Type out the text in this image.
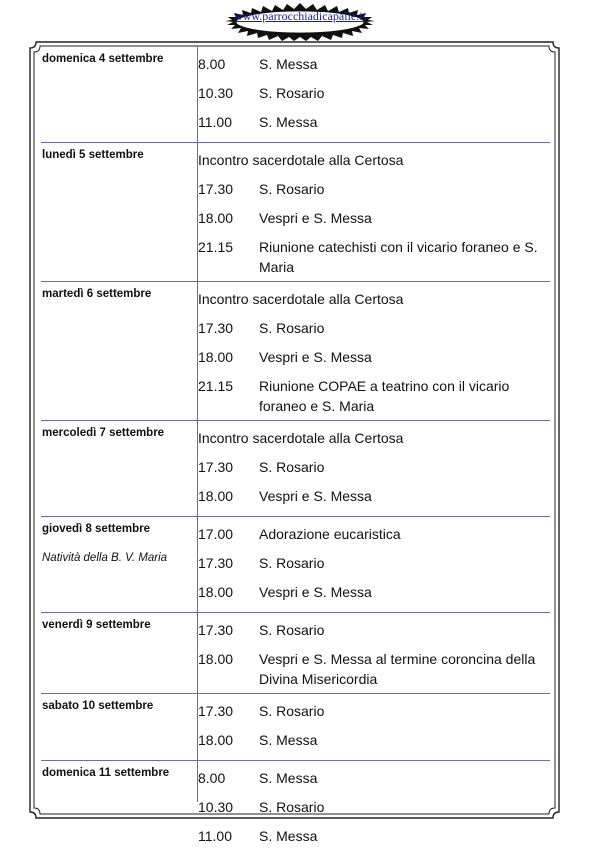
www.parrocchiadicapalle.it
domenica 4 settembre	8.00	S. Messa
10.30	S. Rosario
11.00	S. Messa
lunedì 5 settembre	Incontro sacerdotale alla Certosa
17.30	S. Rosario
18.00	Vespri e S. Messa
21.15	Riunione catechisti con il vicario foraneo e S. Maria
martedì 6 settembre	Incontro sacerdotale alla Certosa
17.30	S. Rosario
18.00	Vespri e S. Messa
21.15	Riunione COPAE a teatrino con il vicario foraneo e S. Maria
mercoledì 7 settembre	Incontro sacerdotale alla Certosa
17.30	S. Rosario
18.00	Vespri e S. Messa
giovedì 8 settembre
Natività della B. V. Maria
17.00	Adorazione eucaristica
17.30	S. Rosario
18.00	Vespri e S. Messa
venerdì 9 settembre	17.30	S. Rosario
18.00	Vespri e S. Messa al termine coroncina della Divina Misericordia
sabato 10 settembre	17.30	S. Rosario
18.00	S. Messa
domenica 11 settembre	8.00	S. Messa
10.30	S. Rosario
11.00	S. Messa
